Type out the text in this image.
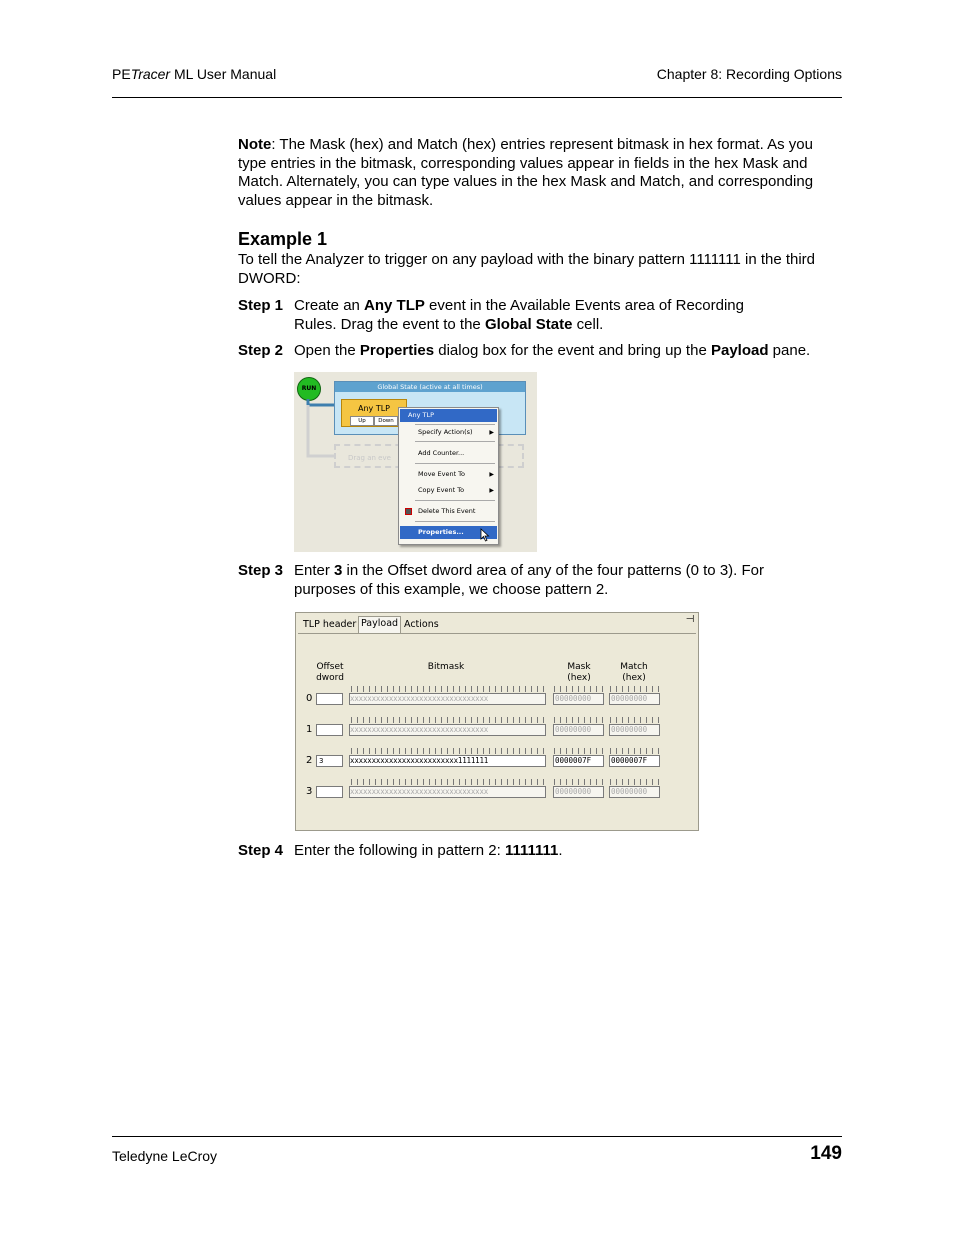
PETracer ML User Manual	Chapter 8: Recording Options
Note: The Mask (hex) and Match (hex) entries represent bitmask in hex format. As you type entries in the bitmask, corresponding values appear in fields in the hex Mask and Match. Alternately, you can type values in the hex Mask and Match, and corresponding values appear in the bitmask.
Example 1
To tell the Analyzer to trigger on any payload with the binary pattern 1111111 in the third DWORD:
Step 1 Create an Any TLP event in the Available Events area of Recording Rules. Drag the event to the Global State cell.
Step 2 Open the Properties dialog box for the event and bring up the Payload pane.
RUN	Global State (active at all times)
Any TLP
Up	Down
Drag an eve
Any TLP
Specify Action(s)	▶
Add Counter...
Move Event To	▶
Copy Event To	▶
Delete This Event
Properties...
Step 3 Enter 3 in the Offset dword area of any of the four patterns (0 to 3). For purposes of this example, we choose pattern 2.
TLP header Payload Actions	⊣
Offset
dword
Bitmask	Mask
(hex)
Match
(hex)
0	xxxxxxxxxxxxxxxxxxxxxxxxxxxxxxxx	00000000	00000000
1	xxxxxxxxxxxxxxxxxxxxxxxxxxxxxxxx	00000000	00000000
2 3	xxxxxxxxxxxxxxxxxxxxxxxxx1111111	0000007F	0000007F
3	xxxxxxxxxxxxxxxxxxxxxxxxxxxxxxxx	00000000	00000000
Step 4 Enter the following in pattern 2: 1111111.
Teledyne LeCroy	149
